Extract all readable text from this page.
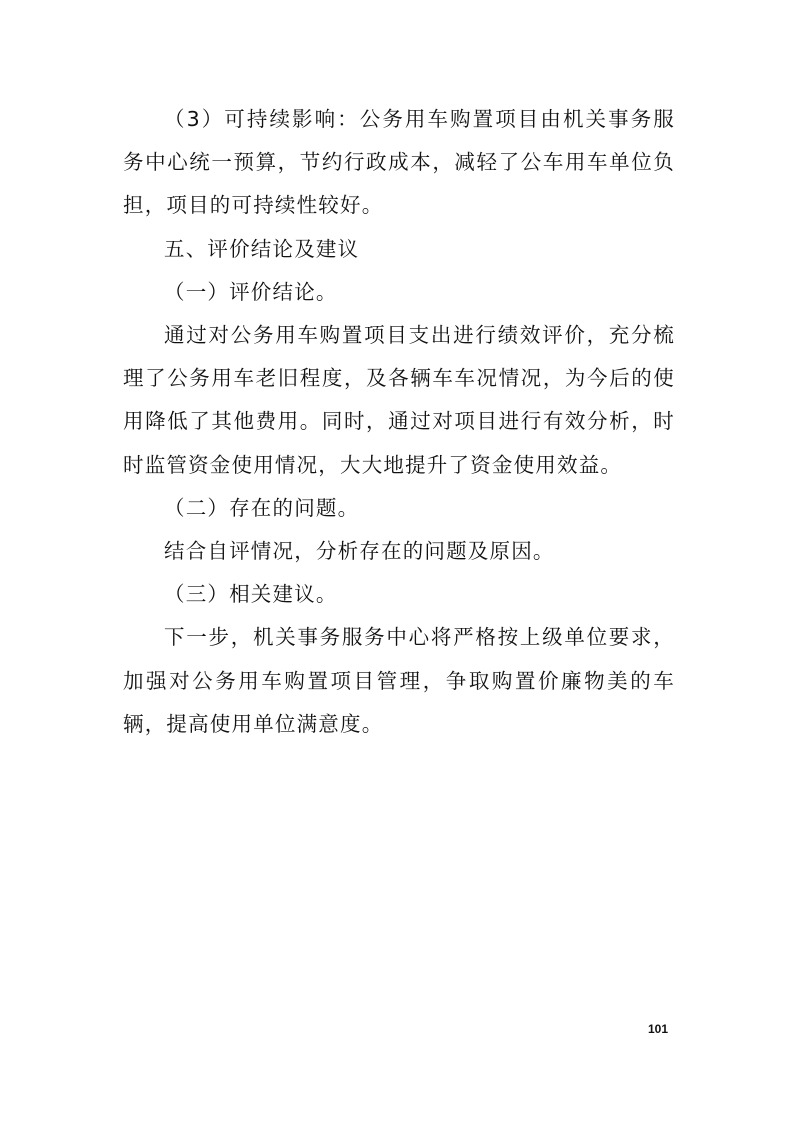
（3）可持续影响：公务用车购置项目由机关事务服务中心统一预算，节约行政成本，减轻了公车用车单位负担，项目的可持续性较好。

五、评价结论及建议

（一）评价结论。

通过对公务用车购置项目支出进行绩效评价，充分梳理了公务用车老旧程度，及各辆车车况情况，为今后的使用降低了其他费用。同时，通过对项目进行有效分析，时时监管资金使用情况，大大地提升了资金使用效益。

（二）存在的问题。

结合自评情况，分析存在的问题及原因。

（三）相关建议。

下一步，机关事务服务中心将严格按上级单位要求，加强对公务用车购置项目管理，争取购置价廉物美的车辆，提高使用单位满意度。

101
